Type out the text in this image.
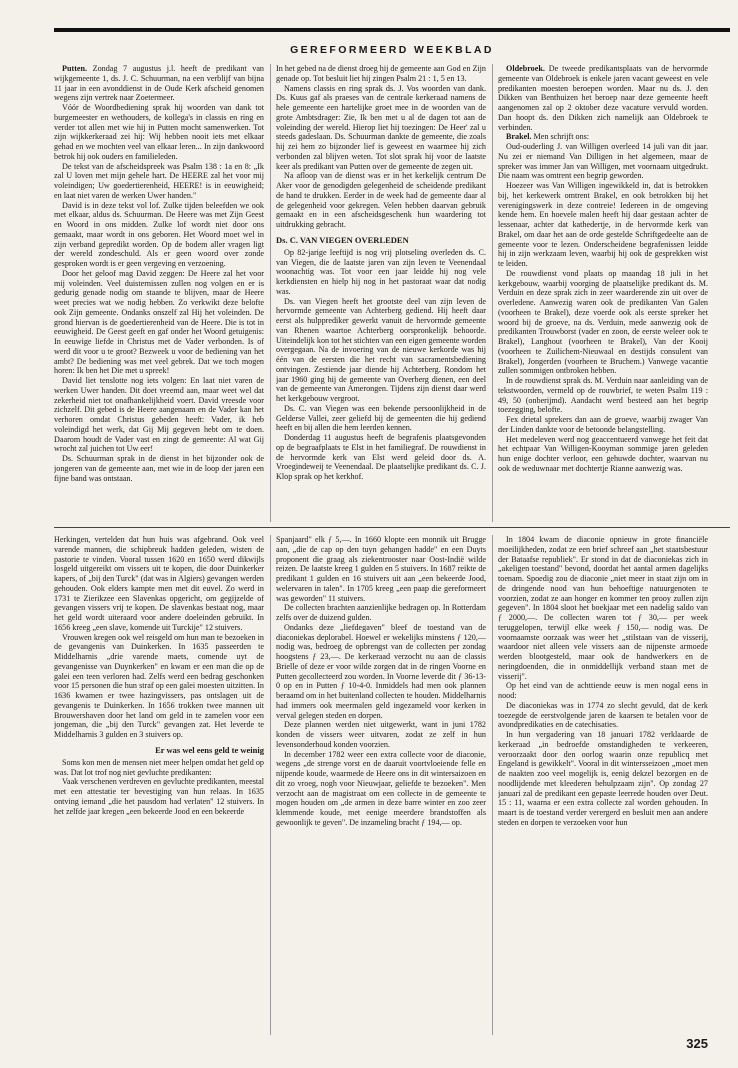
GEREFORMEERD WEEKBLAD

Putten. Zondag 7 augustus j.l. heeft de predikant van wijkgemeente 1, ds. J. C. Schuurman, na een verblijf van bijna 11 jaar in een avonddienst in de Oude Kerk afscheid genomen wegens zijn vertrek naar Zoetermeer.

Vóór de Woordbediening sprak hij woorden van dank tot burgemeester en wethouders, de kollega's in classis en ring en verder tot allen met wie hij in Putten mocht samenwerken. Tot zijn wijkkerkeraad zei hij: Wij hebben nooit iets met elkaar gehad en we mochten veel van elkaar leren... In zijn dankwoord betrok hij ook ouders en familieleden.

De tekst van de afscheidspreek was Psalm 138 : 1a en 8: „Ik zal U loven met mijn gehele hart. De HEERE zal het voor mij voleindigen; Uw goedertierenheid, HEERE! is in eeuwigheid; en laat niet varen de werken Uwer handen."

David is in deze tekst vol lof. Zulke tijden beleefden we ook met elkaar, aldus ds. Schuurman. De Heere was met Zijn Geest en Woord in ons midden. Zulke lof wordt niet door ons gemaakt, maar wordt in ons geboren. Het Woord moet wel in zijn verband gepredikt worden. Op de bodem aller vragen ligt der wereld zondeschuld. Als er geen woord over zonde gesproken wordt is er geen vergeving en verzoening.

Door het geloof mag David zeggen: De Heere zal het voor mij voleinden. Veel duisternissen zullen nog volgen en er is gedurig genade nodig om staande te blijven, maar de Heere weet precies wat we nodig hebben. Zo verkwikt deze belofte ook Zijn gemeente. Ondanks onszelf zal Hij het voleinden. De grond hiervan is de goedertierenheid van de Heere. Die is tot in eeuwigheid. De Geest geeft en gaf onder het Woord getuigenis: In eeuwige liefde in Christus met de Vader verbonden. Is of werd dit voor u te groot? Bezweek u voor de bediening van het ambt? De bediening was met veel gebrek. Dat we toch mogen horen: Ik ben het Die met u spreek!

David liet tenslotte nog iets volgen: En laat niet varen de werken Uwer handen. Dit doet vreemd aan, maar weet wel dat zekerheid niet tot onafhankelijkheid voert. David vreesde voor zichzelf. Dit gebed is de Heere aangenaam en de Vader kan het verhoren omdat Christus gebeden heeft: Vader, ik heb voleindigd het werk, dat Gij Mij gegeven hebt om te doen. Daarom houdt de Vader vast en zingt de gemeente: Al wat Gij wrocht zal juichen tot Uw eer!

Ds. Schuurman sprak in de dienst in het bijzonder ook de jongeren van de gemeente aan, met wie in de loop der jaren een fijne band was ontstaan.

In het gebed na de dienst droeg hij de gemeente aan God en Zijn genade op. Tot besluit liet hij zingen Psalm 21 : 1, 5 en 13.

Namens classis en ring sprak ds. J. Vos woorden van dank. Ds. Kuus gaf als praeses van de centrale kerkeraad namens de hele gemeente een hartelijke groet mee in de woorden van de grote Ambtsdrager: Zie, Ik ben met u al de dagen tot aan de voleinding der wereld. Hierop liet hij toezingen: De Heer' zal u steeds gadeslaan. Ds. Schuurman dankte de gemeente, die zoals hij zei hem zo bijzonder lief is geweest en waarmee hij zich verbonden zal blijven weten. Tot slot sprak hij voor de laatste keer als predikant van Putten over de gemeente de zegen uit.

Na afloop van de dienst was er in het kerkelijk centrum De Aker voor de genodigden gelegenheid de scheidende predikant de hand te drukken. Eerder in de week had de gemeente daar al de gelegenheid voor gekregen. Velen hebben daarvan gebruik gemaakt en in een afscheidsgeschenk hun waardering tot uitdrukking gebracht.

Ds. C. VAN VIEGEN OVERLEDEN

Op 82-jarige leeftijd is nog vrij plotseling overleden ds. C. van Viegen, die de laatste jaren van zijn leven te Veenendaal woonachtig was. Tot voor een jaar leidde hij nog vele kerkdiensten en hielp hij nog in het pastoraat waar dat nodig was.

Ds. van Viegen heeft het grootste deel van zijn leven de hervormde gemeente van Achterberg gediend. Hij heeft daar eerst als hulpprediker gewerkt vanuit de hervormde gemeente van Rhenen waartoe Achterberg oorspronkelijk behoorde. Uiteindelijk kon tot het stichten van een eigen gemeente worden overgegaan. Na de invoering van de nieuwe kerkorde was hij één van de eersten die het recht van sacramentsbediening ontvingen. Zestiende jaar diende hij Achterberg. Rondom het jaar 1960 ging hij de gemeente van Overberg dienen, een deel van de gemeente van Amerongen. Tijdens zijn dienst daar werd het kerkgebouw vergroot.

Ds. C. van Viegen was een bekende persoonlijkheid in de Gelderse Vallei, zeer geliefd bij de gemeenten die hij gediend heeft en bij allen die hem leerden kennen.

Donderdag 11 augustus heeft de begrafenis plaatsgevonden op de begraafplaats te Elst in het familiegraf. De rouwdienst in de hervormde kerk van Elst werd geleid door ds. A. Vroegindeweij te Veenendaal. De plaatselijke predikant ds. C. J. Klop sprak op het kerkhof.

Oldebroek. De tweede predikantsplaats van de hervormde gemeente van Oldebroek is enkele jaren vacant geweest en vele predikanten moesten beroepen worden. Maar nu ds. J. den Dikken van Benthuizen het beroep naar deze gemeente heeft aangenomen zal op 2 oktober deze vacature vervuld worden. Dan hoopt ds. den Dikken zich namelijk aan Oldebroek te verbinden.

Brakel. Men schrijft ons:

Oud-ouderling J. van Willigen overleed 14 juli van dit jaar. Nu zei er niemand Van Dilligen in het algemeen, maar de spreker was immer Jan van Willigen, met voornaam uitgedrukt. Die naam was omtrent een begrip geworden.

Hoezeer was Van Willigen ingewikkeld in, dat is betrokken bij, het kerkewerk omtrent Brakel, en ook betrokken bij het verenigingswerk in deze contreie! Iedereen in de omgeving kende hem. En hoevele malen heeft hij daar gestaan achter de lessenaar, achter dat kathedertje, in de hervormde kerk van Brakel, om daar het aan de orde gestelde Schriftgedeelte aan de gemeente voor te lezen. Onderscheidene begrafenissen leidde hij in zijn werkzaam leven, waarbij hij ook de gesprekken wist te leiden.

De rouwdienst vond plaats op maandag 18 juli in het kerkgebouw, waarbij voorging de plaatselijke predikant ds. M. Verduin en deze sprak zich in zeer waarderende zin uit over de overledene. Aanwezig waren ook de predikanten Van Galen (voorheen te Brakel), deze voerde ook als eerste spreker het woord bij de groeve, na ds. Verduin, mede aanwezig ook de predikanten Trouwborst (vader en zoon, de eerste weleer ook te Brakel), Langhout (voorheen te Brakel), Van der Kooij (voorheen te Zuilichem-Nieuwaal en destijds consulent van Brakel), Jongerden (voorheen te Bruchem.) Vanwege vacantie zullen sommigen ontbroken hebben.

In de rouwdienst sprak ds. M. Verduin naar aanleiding van de tekstwoorden, vermeld op de rouwbrief, te weten Psalm 119 : 49, 50 (onberijmd). Aandacht werd besteed aan het begrip toezegging, belofte.

Fex drietal sprekers dan aan de groeve, waarbij zwager Van der Linden dankte voor de betoonde belangstelling.

Het medeleven werd nog geaccentueerd vanwege het feit dat het echtpaar Van Willigen-Kooyman sommige jaren geleden hun enige dochter verloor, een gehuwde dochter, waarvan nu ook de weduwnaar met dochtertje Rianne aanwezig was.

Herkingen, vertelden dat hun huis was afgebrand. Ook veel varende mannen, die schipbreuk hadden geleden, wisten de pastorie te vinden. Vooral tussen 1620 en 1650 werd dikwijls losgeld uitgereikt om vissers uit te kopen, die door Duinkerker kapers, of „bij den Turck" (dat was in Algiers) gevangen werden gehouden. Ook elders kampte men met dit euvel. Zo werd in 1731 te Zierikzee een Slavenkas opgericht, om gegijzelde of gevangen vissers vrij te kopen. De slavenkas bestaat nog, maar het geld wordt uiteraard voor andere doeleinden gebruikt. In 1656 kreeg „een slave, komende uit Turckije" 12 stuivers.

Vrouwen kregen ook wel reisgeld om hun man te bezoeken in de gevangenis van Duinkerken. In 1635 passeerden te Middelharnis „drie varende maets, comende uyt de gevangenisse van Duynkerken" en kwam er een man die op de galei een teen verloren had. Zelfs werd een bedrag geschonken voor 15 personen die hun straf op een galei moesten uitzitten. In 1636 kwamen er twee hazingvissers, pas ontslagen uit de gevangenis te Duinkerken. In 1656 trokken twee mannen uit Brouwershaven door het land om geld in te zamelen voor een jongeman, die „bij den Turck" gevangen zat. Het leverde te Middelharnis 3 gulden en 3 stuivers op.

Er was wel eens geld te weinig

Soms kon men de mensen niet meer helpen omdat het geld op was. Dat lot trof nog niet gevluchte predikanten:

Vaak verschenen verdreven en gevluchte predikanten, meestal met een attestatie ter bevestiging van hun relaas. In 1635 ontving iemand „die het pausdom had verlaten" 12 stuivers. In het zelfde jaar kregen „een bekeerde Jood en een bekeerde

Spanjaard" elk ƒ 5,—. In 1660 klopte een monnik uit Brugge aan, „die de cap op den tuyn gehangen hadde" en een Duyts proponent die graag als ziekentrooster naar Oost-Indië wilde reizen. De laatste kreeg 1 gulden en 5 stuivers. In 1687 reikte de predikant 1 gulden en 16 stuivers uit aan „een bekeerde Jood, welervaren in talen". In 1705 kreeg „een paap die gereformeert was geworden" 11 stuivers.

De collecten brachten aanzienlijke bedragen op. In Rotterdam zelfs over de duizend gulden.

Ondanks deze „liefdegaven" bleef de toestand van de diaconiekas deplorabel. Hoewel er wekelijks minstens ƒ 120,— nodig was, bedroeg de opbrengst van de collecten per zondag hoogstens ƒ 23,—. De kerkeraad verzocht nu aan de classis Brielle of deze er voor wilde zorgen dat in de ringen Voorne en Putten gecollecteerd zou worden. In Voorne leverde dit ƒ 36-13-0 op en in Putten ƒ 10-4-0. Inmiddels had men ook plannen beraamd om in het buitenland collecten te houden. Middelharnis had immers ook meermalen geld ingezameld voor kerken in verval gelegen steden en dorpen.

Deze plannen werden niet uitgewerkt, want in juni 1782 konden de vissers weer uitvaren, zodat ze zelf in hun levensonderhoud konden voorzien.

In december 1782 weer een extra collecte voor de diaconie, wegens „de strenge vorst en de daaruit voortvloeiende felle en nijpende koude, waarmede de Heere ons in dit wintersaizoen en dit zo vroeg, nogh voor Nieuwjaar, geliefde te bezoeken". Men verzocht aan de magistraat om een collecte in de gemeente te mogen houden om „de armen in deze barre winter en zoo zeer klemmende koude, met eenige meerdere brandstoffen als gewoonlijk te geven". De inzameling bracht ƒ 194,— op.

In 1804 kwam de diaconie opnieuw in grote financiële moeilijkheden, zodat ze een brief schreef aan „het staatsbestuur der Bataafse republiek". Er stond in dat de diaconiekas zich in „akeligen toestand" bevond, doordat het aantal armen dagelijks toenam. Spoedig zou de diaconie „niet meer in staat zijn om in de dringende nood van hun behoeftige natuurgenoten te voorzien, zodat ze aan honger en kommer ten prooy zullen zijn gegeven". In 1804 sloot het boekjaar met een nadelig saldo van ƒ 2000,—. De collecten waren tot ƒ 30,— per week teruggelopen, terwijl elke week ƒ 150,— nodig was. De voornaamste oorzaak was weer het „stilstaan van de visserij, waardoor niet alleen vele vissers aan de nijpenste armoede werden blootgesteld, maar ook de handwerkers en de neringdoenden, die in onmiddellijk verband staan met de visserij".

Op het eind van de achttiende eeuw is men nogal eens in nood:

De diaconiekas was in 1774 zo slecht gevuld, dat de kerk toezegde de eerstvolgende jaren de kaarsen te betalen voor de avondpredikaties en de catechisaties.

In hun vergadering van 18 januari 1782 verklaarde de kerkeraad „in bedroefde omstandigheden te verkeeren, veroorzaakt door den oorlog waarin onze republicq met Engeland is gewikkelt". Vooral in dit wintersseizoen „moet men de naakten zoo veel mogelijk is, eenig dekzel bezorgen en de noodlijdende met kleederen behulpzaam zijn". Op zondag 27 januari zal de predikant een gepaste leerrede houden over Deut. 15 : 11, waarna er een extra collecte zal worden gehouden. In maart is de toestand verder verergerd en besluit men aan andere steden en dorpen te verzoeken voor hun

325
